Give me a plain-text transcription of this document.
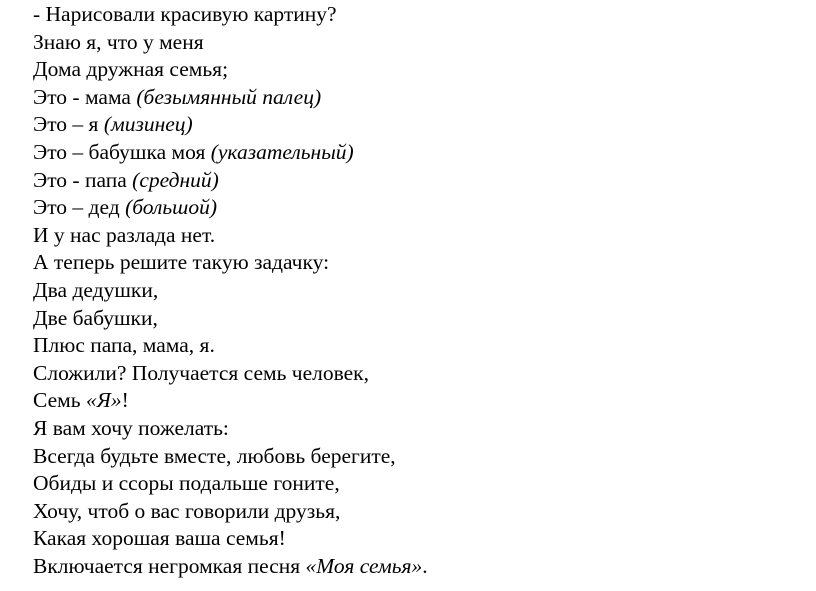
- Нарисовали красивую картину?
Знаю я, что у меня
Дома дружная семья;
Это - мама (безымянный палец)
Это – я (мизинец)
Это – бабушка моя (указательный)
Это - папа (средний)
Это – дед (большой)
И у нас разлада нет.
А теперь решите такую задачку:
Два дедушки,
Две бабушки,
Плюс папа, мама, я.
Сложили? Получается семь человек,
Семь «Я»!
Я вам хочу пожелать:
Всегда будьте вместе, любовь берегите,
Обиды и ссоры подальше гоните,
Хочу, чтоб о вас говорили друзья,
Какая хорошая ваша семья!
Включается негромкая песня «Моя семья».
